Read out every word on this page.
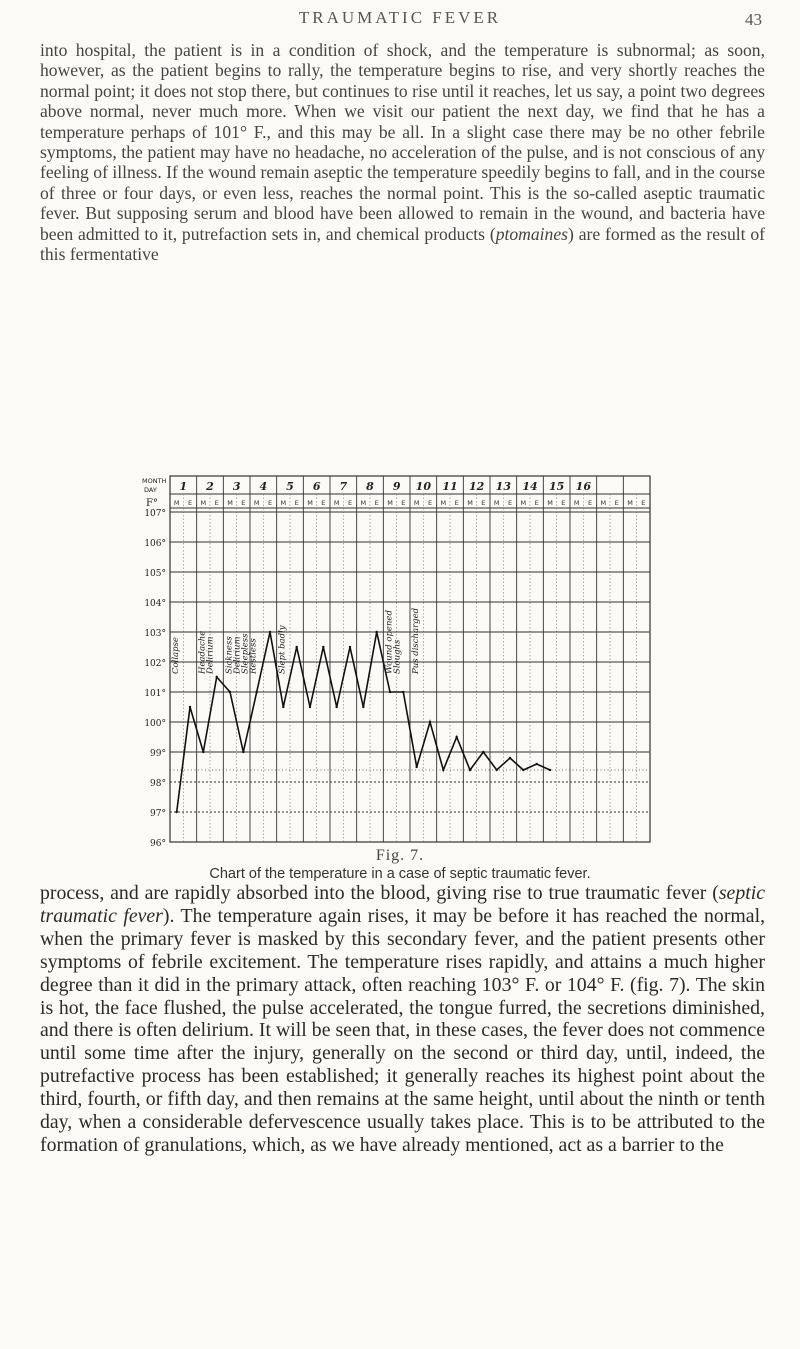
TRAUMATIC FEVER	43

into hospital, the patient is in a condition of shock, and the temperature is subnormal; as soon, however, as the patient begins to rally, the temperature begins to rise, and very shortly reaches the normal point; it does not stop there, but continues to rise until it reaches, let us say, a point two degrees above normal, never much more. When we visit our patient the next day, we find that he has a temperature perhaps of 101° F., and this may be all. In a slight case there may be no other febrile symptoms, the patient may have no headache, no acceleration of the pulse, and is not conscious of any feeling of illness. If the wound remain aseptic the temperature speedily begins to fall, and in the course of three or four days, or even less, reaches the normal point. This is the so-called aseptic traumatic fever. But supposing serum and blood have been allowed to remain in the wound, and bacteria have been admitted to it, putrefaction sets in, and chemical products (ptomaines) are formed as the result of this fermentative

MONTH
DAY
F°
1
M E
2
M E
3
M E
4
M E
5
M E
6
M E
7
M E
8
M E
9
M E
10
M E
11
M E
12
M E
13
M E
14
M E
15
M E
16
M E M E M E
107°
106°
105°
104°
103°
102°
101°
100°
99°
98°
97°
96°
Collapse Headache
Delirium Sickness
Delirium
Sleepless
Restless Slept badly	Wound opened
Sloughs Pus discharged
Fig. 7.
Chart of the temperature in a case of septic traumatic fever.

process, and are rapidly absorbed into the blood, giving rise to true traumatic fever (septic traumatic fever). The temperature again rises, it may be before it has reached the normal, when the primary fever is masked by this secondary fever, and the patient presents other symptoms of febrile excitement. The temperature rises rapidly, and attains a much higher degree than it did in the primary attack, often reaching 103° F. or 104° F. (fig. 7). The skin is hot, the face flushed, the pulse accelerated, the tongue furred, the secretions diminished, and there is often delirium. It will be seen that, in these cases, the fever does not commence until some time after the injury, generally on the second or third day, until, indeed, the putrefactive process has been established; it generally reaches its highest point about the third, fourth, or fifth day, and then remains at the same height, until about the ninth or tenth day, when a considerable defervescence usually takes place. This is to be attributed to the formation of granulations, which, as we have already mentioned, act as a barrier to the
